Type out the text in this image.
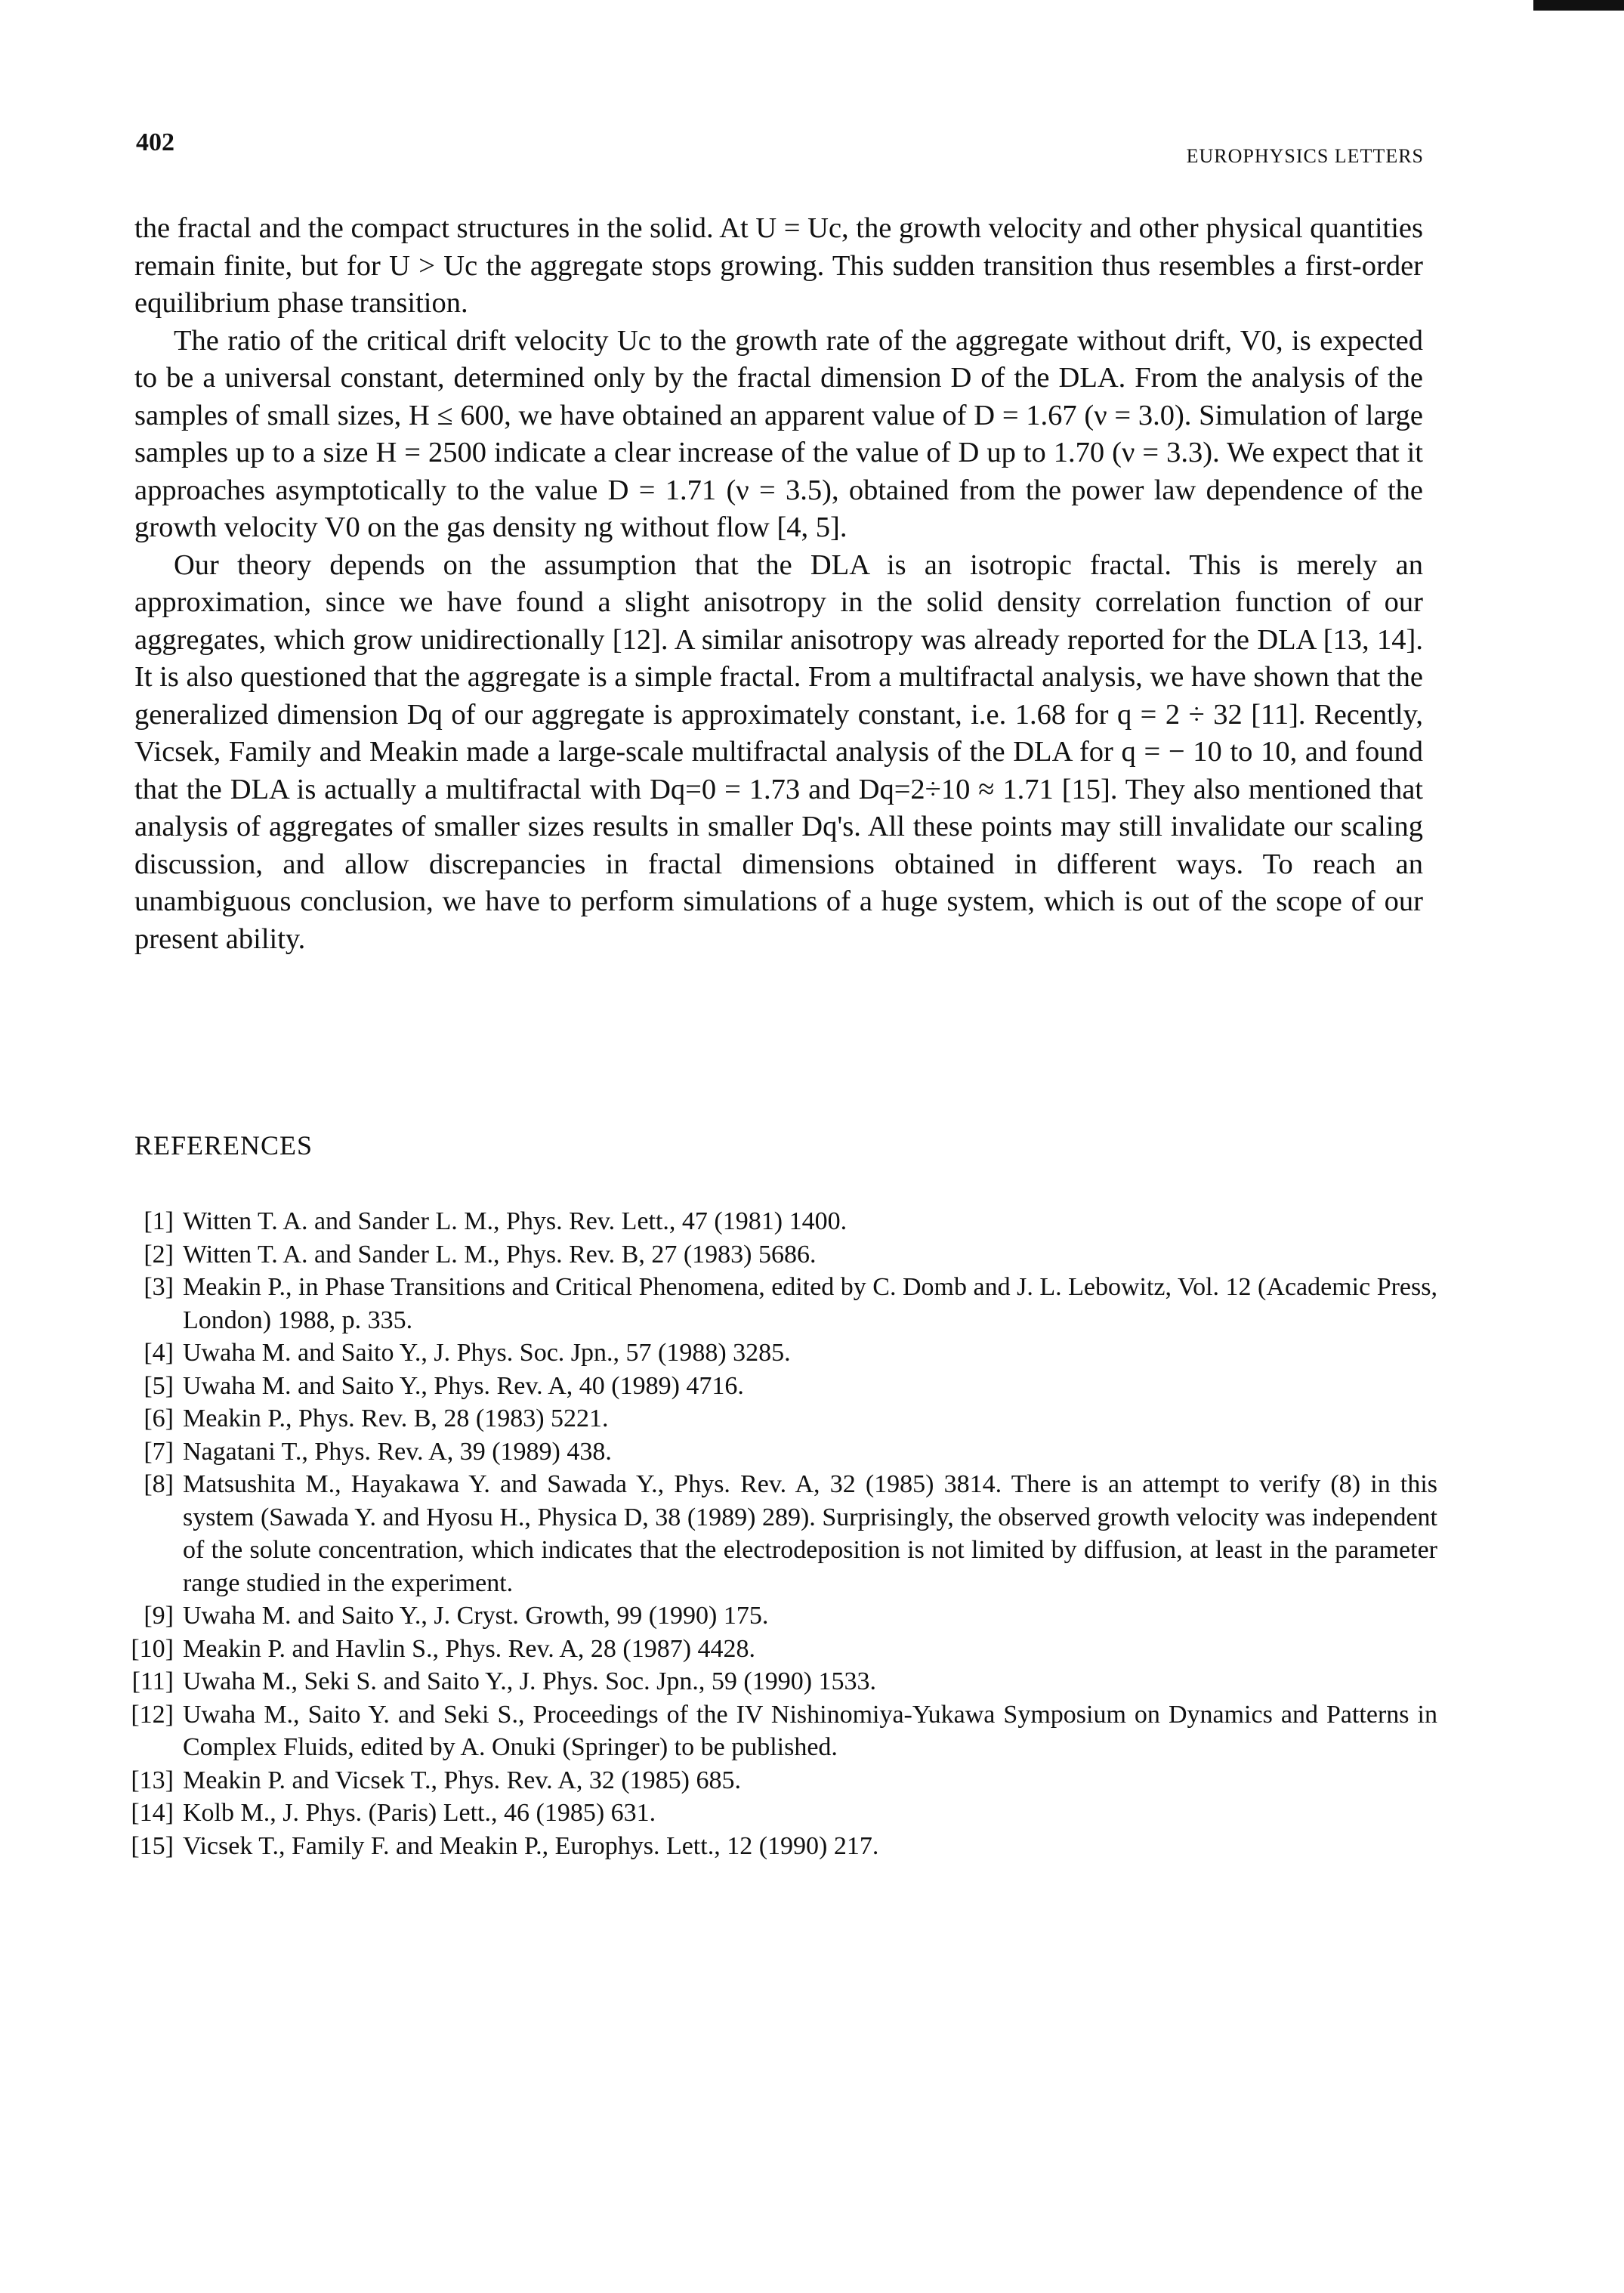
402	EUROPHYSICS LETTERS

the fractal and the compact structures in the solid. At U = Uc, the growth velocity and other physical quantities remain finite, but for U > Uc the aggregate stops growing. This sudden transition thus resembles a first-order equilibrium phase transition.

The ratio of the critical drift velocity Uc to the growth rate of the aggregate without drift, V0, is expected to be a universal constant, determined only by the fractal dimension D of the DLA. From the analysis of the samples of small sizes, H ≤ 600, we have obtained an apparent value of D = 1.67 (ν = 3.0). Simulation of large samples up to a size H = 2500 indicate a clear increase of the value of D up to 1.70 (ν = 3.3). We expect that it approaches asymptotically to the value D = 1.71 (ν = 3.5), obtained from the power law dependence of the growth velocity V0 on the gas density ng without flow [4, 5].

Our theory depends on the assumption that the DLA is an isotropic fractal. This is merely an approximation, since we have found a slight anisotropy in the solid density correlation function of our aggregates, which grow unidirectionally [12]. A similar anisotropy was already reported for the DLA [13, 14]. It is also questioned that the aggregate is a simple fractal. From a multifractal analysis, we have shown that the generalized dimension Dq of our aggregate is approximately constant, i.e. 1.68 for q = 2 ÷ 32 [11]. Recently, Vicsek, Family and Meakin made a large-scale multifractal analysis of the DLA for q = − 10 to 10, and found that the DLA is actually a multifractal with Dq=0 = 1.73 and Dq=2÷10 ≈ 1.71 [15]. They also mentioned that analysis of aggregates of smaller sizes results in smaller Dq's. All these points may still invalidate our scaling discussion, and allow discrepancies in fractal dimensions obtained in different ways. To reach an unambiguous conclusion, we have to perform simulations of a huge system, which is out of the scope of our present ability.

REFERENCES
[1] Witten T. A. and Sander L. M., Phys. Rev. Lett., 47 (1981) 1400.
[2] Witten T. A. and Sander L. M., Phys. Rev. B, 27 (1983) 5686.
[3] Meakin P., in Phase Transitions and Critical Phenomena, edited by C. Domb and J. L. Lebowitz, Vol. 12 (Academic Press, London) 1988, p. 335.
[4] Uwaha M. and Saito Y., J. Phys. Soc. Jpn., 57 (1988) 3285.
[5] Uwaha M. and Saito Y., Phys. Rev. A, 40 (1989) 4716.
[6] Meakin P., Phys. Rev. B, 28 (1983) 5221.
[7] Nagatani T., Phys. Rev. A, 39 (1989) 438.
[8] Matsushita M., Hayakawa Y. and Sawada Y., Phys. Rev. A, 32 (1985) 3814. There is an attempt to verify (8) in this system (Sawada Y. and Hyosu H., Physica D, 38 (1989) 289). Surprisingly, the observed growth velocity was independent of the solute concentration, which indicates that the electrodeposition is not limited by diffusion, at least in the parameter range studied in the experiment.
[9] Uwaha M. and Saito Y., J. Cryst. Growth, 99 (1990) 175.
[10] Meakin P. and Havlin S., Phys. Rev. A, 28 (1987) 4428.
[11] Uwaha M., Seki S. and Saito Y., J. Phys. Soc. Jpn., 59 (1990) 1533.
[12] Uwaha M., Saito Y. and Seki S., Proceedings of the IV Nishinomiya-Yukawa Symposium on Dynamics and Patterns in Complex Fluids, edited by A. Onuki (Springer) to be published.
[13] Meakin P. and Vicsek T., Phys. Rev. A, 32 (1985) 685.
[14] Kolb M., J. Phys. (Paris) Lett., 46 (1985) 631.
[15] Vicsek T., Family F. and Meakin P., Europhys. Lett., 12 (1990) 217.
